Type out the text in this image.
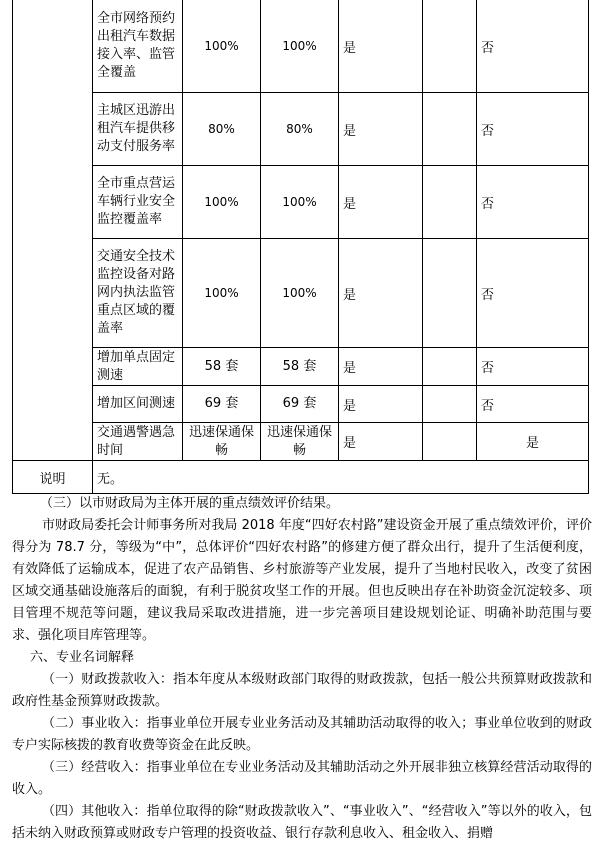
	全市网络预约出租汽车数据接入率、监管全覆盖	100%	100%	是		否
	主城区迅游出租汽车提供移动支付服务率	80%	80%	是		否
	全市重点营运车辆行业安全监控覆盖率	100%	100%	是		否
	交通安全技术监控设备对路网内执法监管重点区域的覆盖率	100%	100%	是		否
	增加单点固定测速	58 套	58 套	是		否
	增加区间测速	69 套	69 套	是		否
	交通遇警遇急时间	迅速保通保畅	迅速保通保畅	是		是
说明	无。					

（三）以市财政局为主体开展的重点绩效评价结果。

市财政局委托会计师事务所对我局 2018 年度“四好农村路”建设资金开展了重点绩效评价，评价得分为 78.7 分，等级为“中”，总体评价“四好农村路”的修建方便了群众出行，提升了生活便利度，有效降低了运输成本，促进了农产品销售、乡村旅游等产业发展，提升了当地村民收入，改变了贫困区域交通基础设施落后的面貌，有利于脱贫攻坚工作的开展。但也反映出存在补助资金沉淀较多、项目管理不规范等问题，建议我局采取改进措施，进一步完善项目建设规划论证、明确补助范围与要求、强化项目库管理等。

六、专业名词解释

（一）财政拨款收入：指本年度从本级财政部门取得的财政拨款，包括一般公共预算财政拨款和政府性基金预算财政拨款。

（二）事业收入：指事业单位开展专业业务活动及其辅助活动取得的收入；事业单位收到的财政专户实际核拨的教育收费等资金在此反映。

（三）经营收入：指事业单位在专业业务活动及其辅助活动之外开展非独立核算经营活动取得的收入。

（四）其他收入：指单位取得的除“财政拨款收入”、“事业收入”、“经营收入”等以外的收入，包括未纳入财政预算或财政专户管理的投资收益、银行存款利息收入、租金收入、捐赠
